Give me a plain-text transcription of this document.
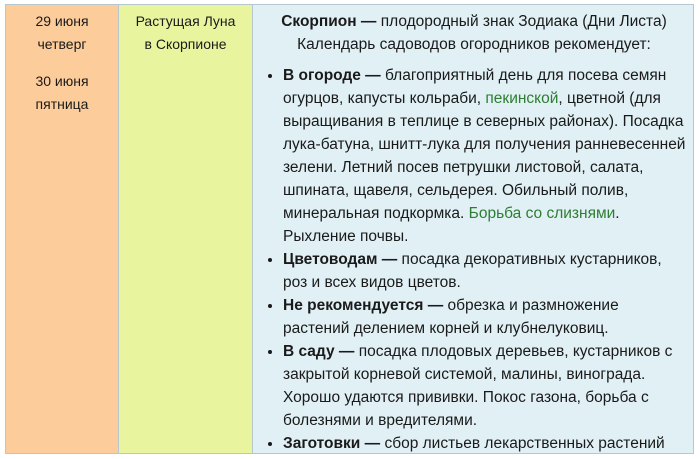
29 июня
четверг
30 июня
пятница
Растущая Луна
в Скорпионе

Скорпион — плодородный знак Зодиака (Дни Листа) Календарь садоводов огородников рекомендует:

• В огороде — благоприятный день для посева семян огурцов, капусты кольраби, пекинской, цветной (для выращивания в теплице в северных районах). Посадка лука-батуна, шнитт-лука для получения ранневесенней зелени. Летний посев петрушки листовой, салата, шпината, щавеля, сельдерея. Обильный полив, минеральная подкормка. Борьба со слизнями. Рыхление почвы.
• Цветоводам — посадка декоративных кустарников, роз и всех видов цветов.
• Не рекомендуется — обрезка и размножение растений делением корней и клубнелуковиц.
• В саду — посадка плодовых деревьев, кустарников с закрытой корневой системой, малины, винограда. Хорошо удаются прививки. Покос газона, борьба с болезнями и вредителями.
• Заготовки — сбор листьев лекарственных растений
